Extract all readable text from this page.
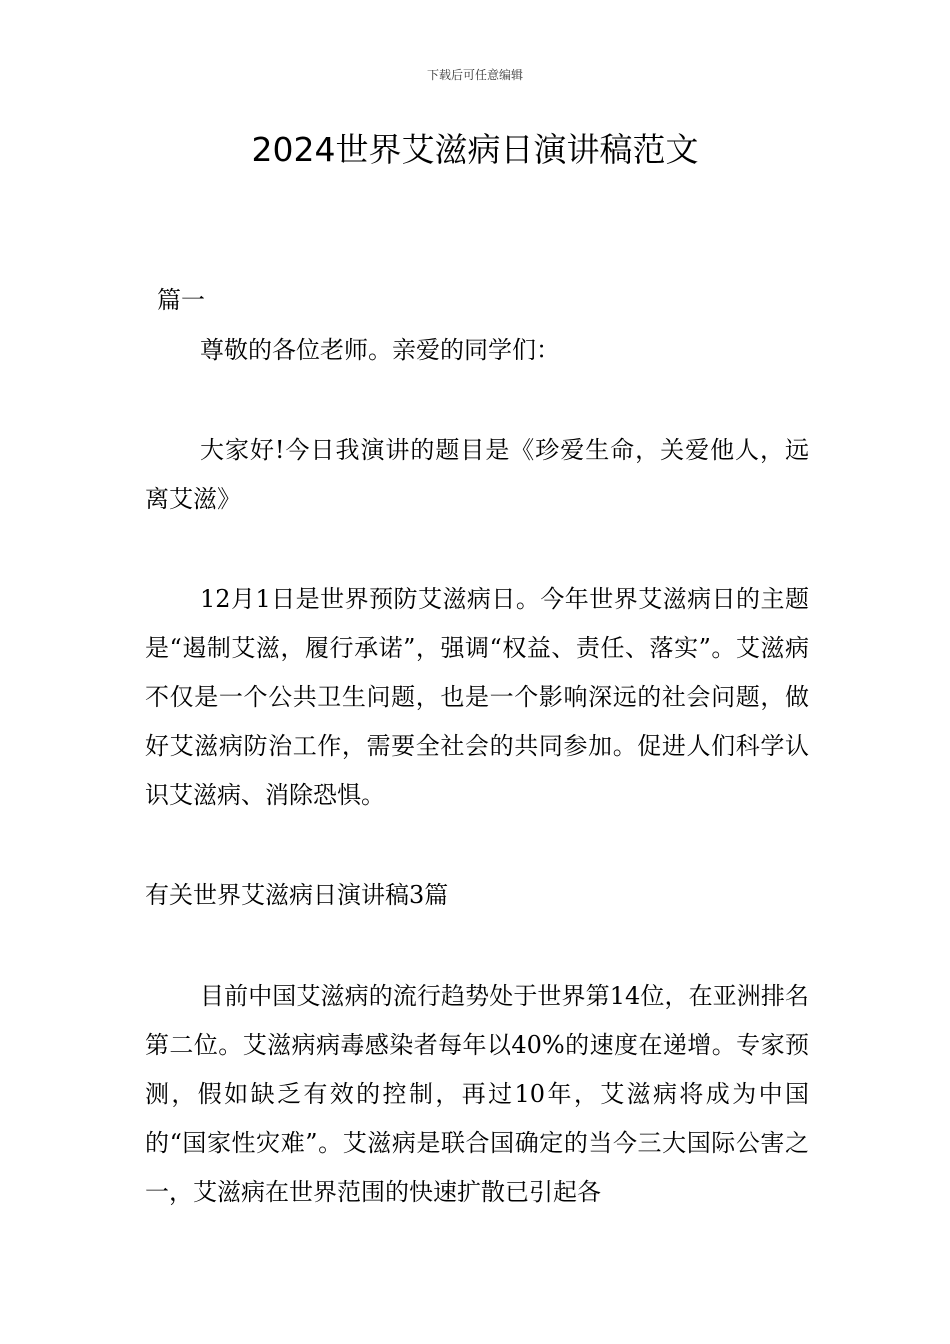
下载后可任意编辑
2024世界艾滋病日演讲稿范文

篇一

尊敬的各位老师。亲爱的同学们：

大家好!今日我演讲的题目是《珍爱生命，关爱他人，远离艾滋》

12月1日是世界预防艾滋病日。今年世界艾滋病日的主题是“遏制艾滋，履行承诺”，强调“权益、责任、落实”。艾滋病不仅是一个公共卫生问题，也是一个影响深远的社会问题，做好艾滋病防治工作，需要全社会的共同参加。促进人们科学认识艾滋病、消除恐惧。

有关世界艾滋病日演讲稿3篇

目前中国艾滋病的流行趋势处于世界第14位，在亚洲排名第二位。艾滋病病毒感染者每年以40%的速度在递增。专家预测，假如缺乏有效的控制，再过10年，艾滋病将成为中国的“国家性灾难”。艾滋病是联合国确定的当今三大国际公害之一，艾滋病在世界范围的快速扩散已引起各
